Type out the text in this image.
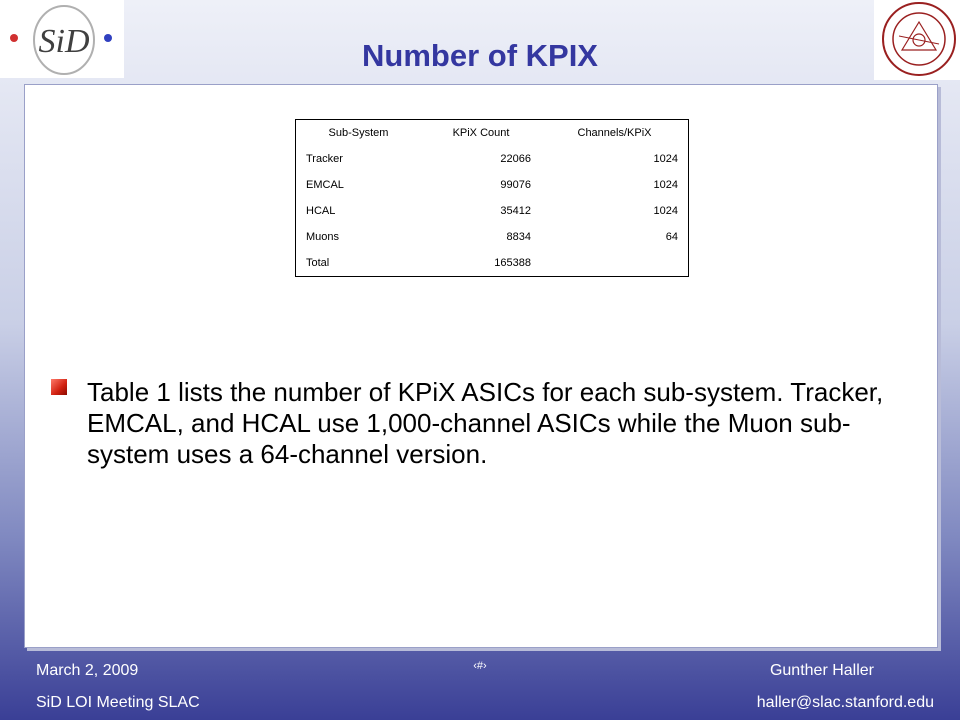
SiD	Number of KPIX
Sub-System	KPiX Count	Channels/KPiX
Tracker	22066	1024
EMCAL	99076	1024
HCAL	35412	1024
Muons	8834	64
Total	165388	
Table 1 lists the number of KPiX ASICs for each sub-system. Tracker, EMCAL, and HCAL use 1,000-channel ASICs while the Muon sub-system uses a 64-channel version.
March 2, 2009
SiD LOI Meeting SLAC
‹#›	Gunther Haller
haller@slac.stanford.edu
